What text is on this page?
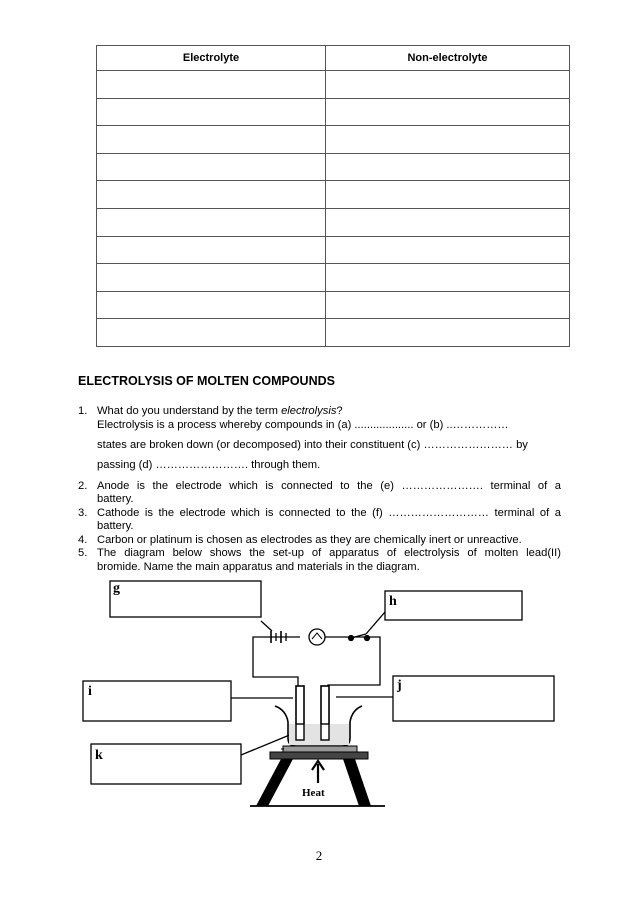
Electrolyte	Non-electrolyte

ELECTROLYSIS OF MOLTEN COMPOUNDS
1. What do you understand by the term electrolysis?
Electrolysis is a process whereby compounds in (a) ................... or (b) ..……………
states are broken down (or decomposed) into their constituent (c) …………………… by
passing (d) ……………………. through them.
2. Anode is the electrode which is connected to the (e) …………………. terminal of a
battery.
3. Cathode is the electrode which is connected to the (f) ……………………… terminal of a
battery.
4. Carbon or platinum is chosen as electrodes as they are chemically inert or unreactive.
5. The diagram below shows the set-up of apparatus of electrolysis of molten lead(II)
bromide. Name the main apparatus and materials in the diagram.
g
h
i	j
k
Heat
2
